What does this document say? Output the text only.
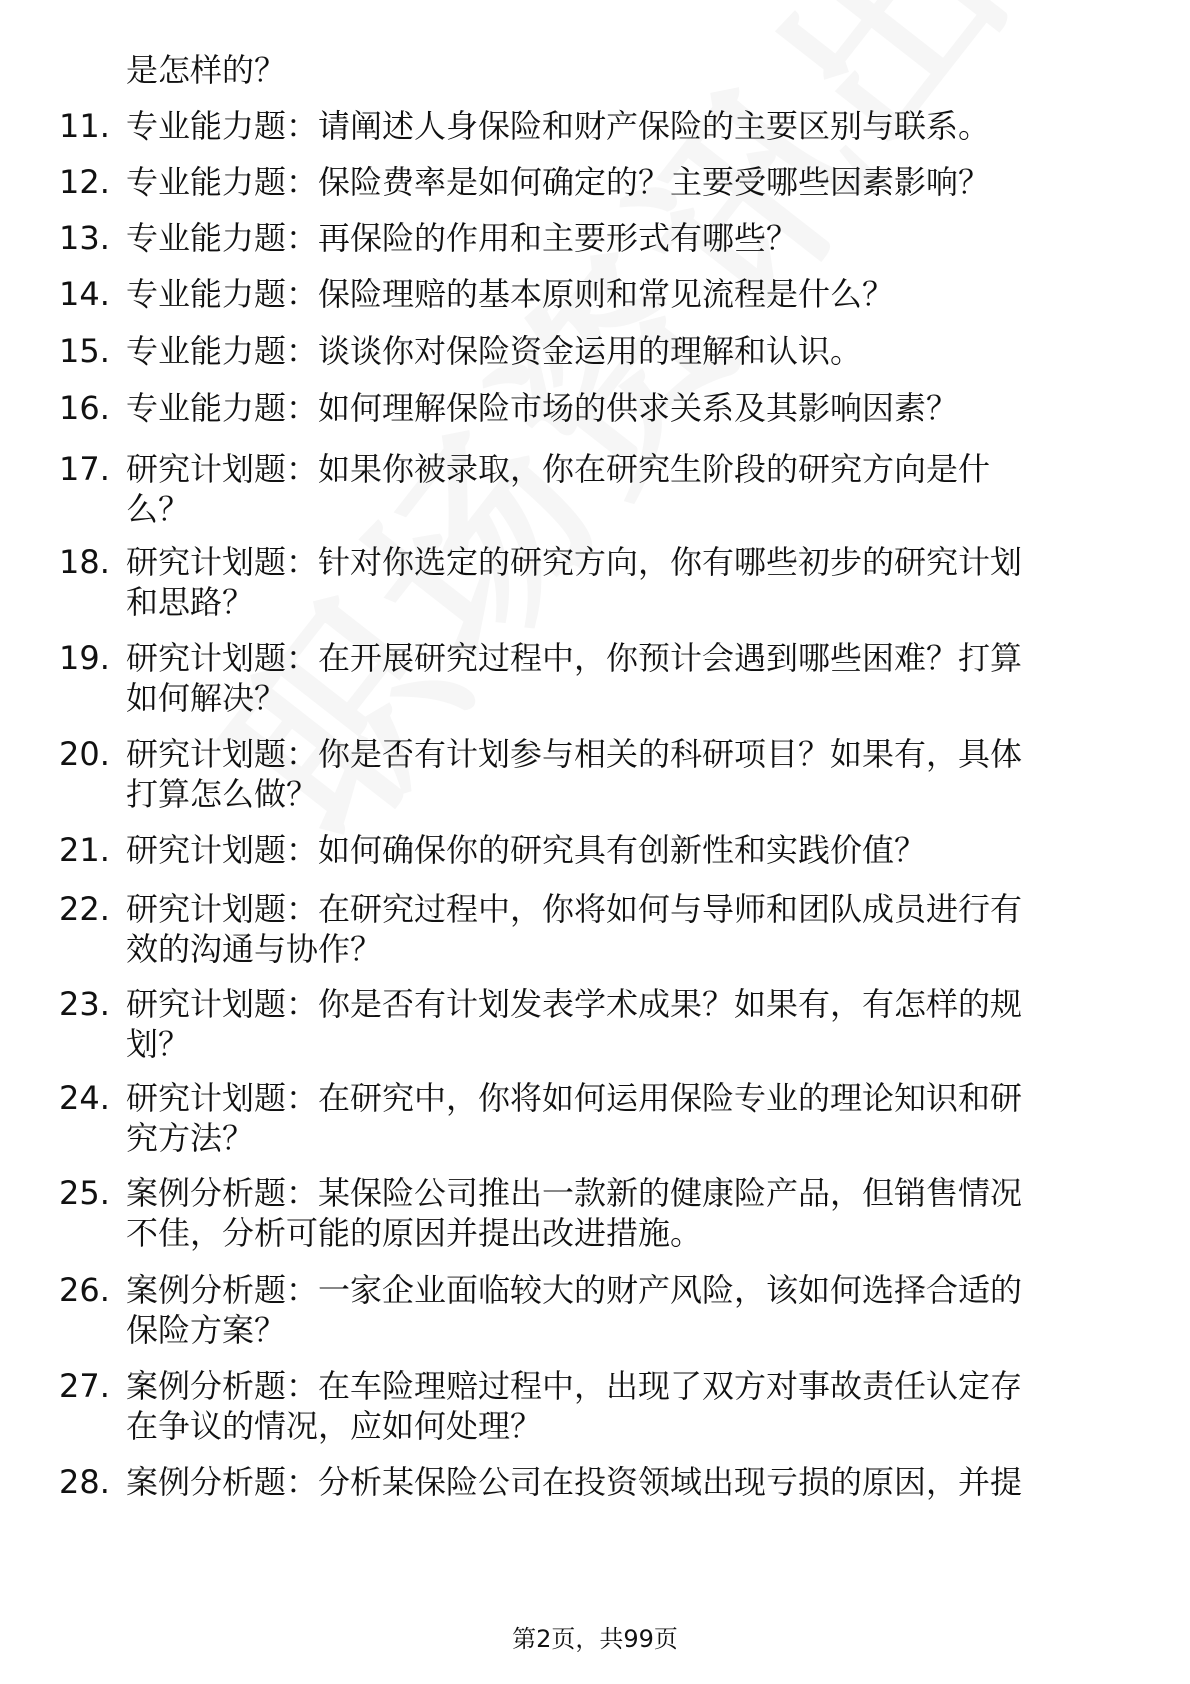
是怎样的？
11. 专业能力题：请阐述人身保险和财产保险的主要区别与联系。
12. 专业能力题：保险费率是如何确定的？主要受哪些因素影响？
13. 专业能力题：再保险的作用和主要形式有哪些？
14. 专业能力题：保险理赔的基本原则和常见流程是什么？
15. 专业能力题：谈谈你对保险资金运用的理解和认识。
16. 专业能力题：如何理解保险市场的供求关系及其影响因素？
17. 研究计划题：如果你被录取，你在研究生阶段的研究方向是什
么？
18. 研究计划题：针对你选定的研究方向，你有哪些初步的研究计划
和思路？
19. 研究计划题：在开展研究过程中，你预计会遇到哪些困难？打算
如何解决？
20. 研究计划题：你是否有计划参与相关的科研项目？如果有，具体
打算怎么做？
21. 研究计划题：如何确保你的研究具有创新性和实践价值？
22. 研究计划题：在研究过程中，你将如何与导师和团队成员进行有
效的沟通与协作？
23. 研究计划题：你是否有计划发表学术成果？如果有，有怎样的规
划？
24. 研究计划题：在研究中，你将如何运用保险专业的理论知识和研
究方法？
25. 案例分析题：某保险公司推出一款新的健康险产品，但销售情况
不佳，分析可能的原因并提出改进措施。
26. 案例分析题：一家企业面临较大的财产风险，该如何选择合适的
保险方案？
27. 案例分析题：在车险理赔过程中，出现了双方对事故责任认定存
在争议的情况，应如何处理？
28. 案例分析题：分析某保险公司在投资领域出现亏损的原因，并提
第2页，共99页
